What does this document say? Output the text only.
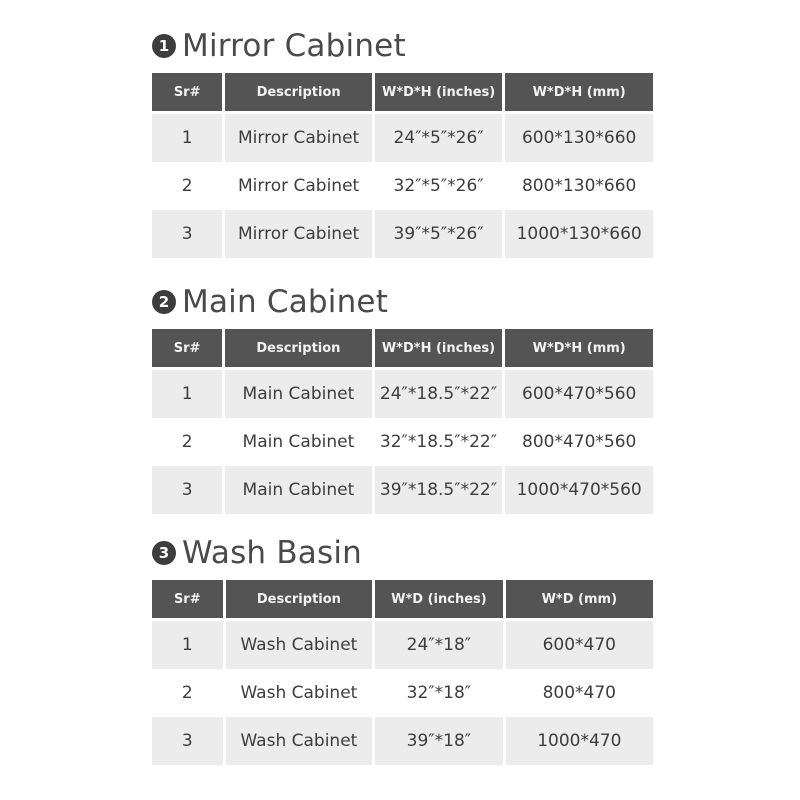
1 Mirror Cabinet
Sr#	Description	W*D*H (inches)	W*D*H (mm)
1	Mirror Cabinet	24″*5″*26″	600*130*660
2	Mirror Cabinet	32″*5″*26″	800*130*660
3	Mirror Cabinet	39″*5″*26″	1000*130*660
2 Main Cabinet
Sr#	Description	W*D*H (inches)	W*D*H (mm)
1	Main Cabinet	24″*18.5″*22″	600*470*560
2	Main Cabinet	32″*18.5″*22″	800*470*560
3	Main Cabinet	39″*18.5″*22″	1000*470*560
3 Wash Basin
Sr#	Description	W*D (inches)	W*D (mm)
1	Wash Cabinet	24″*18″	600*470
2	Wash Cabinet	32″*18″	800*470
3	Wash Cabinet	39″*18″	1000*470
